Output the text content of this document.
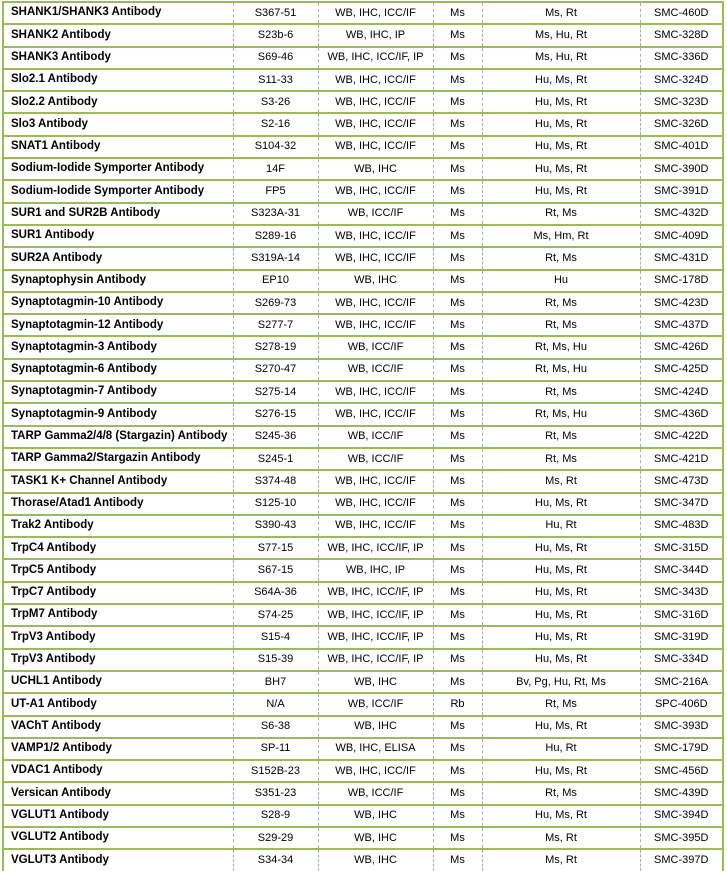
SHANK1/SHANK3 Antibody	S367-51	WB, IHC, ICC/IF	Ms	Ms, Rt	SMC-460D
SHANK2 Antibody	S23b-6	WB, IHC, IP	Ms	Ms, Hu, Rt	SMC-328D
SHANK3 Antibody	S69-46	WB, IHC, ICC/IF, IP	Ms	Ms, Hu, Rt	SMC-336D
Slo2.1 Antibody	S11-33	WB, IHC, ICC/IF	Ms	Hu, Ms, Rt	SMC-324D
Slo2.2 Antibody	S3-26	WB, IHC, ICC/IF	Ms	Hu, Ms, Rt	SMC-323D
Slo3 Antibody	S2-16	WB, IHC, ICC/IF	Ms	Hu, Ms, Rt	SMC-326D
SNAT1 Antibody	S104-32	WB, IHC, ICC/IF	Ms	Hu, Ms, Rt	SMC-401D
Sodium-Iodide Symporter Antibody	14F	WB, IHC	Ms	Hu, Ms, Rt	SMC-390D
Sodium-Iodide Symporter Antibody	FP5	WB, IHC, ICC/IF	Ms	Hu, Ms, Rt	SMC-391D
SUR1 and SUR2B Antibody	S323A-31	WB, ICC/IF	Ms	Rt, Ms	SMC-432D
SUR1 Antibody	S289-16	WB, IHC, ICC/IF	Ms	Ms, Hm, Rt	SMC-409D
SUR2A Antibody	S319A-14	WB, IHC, ICC/IF	Ms	Rt, Ms	SMC-431D
Synaptophysin Antibody	EP10	WB, IHC	Ms	Hu	SMC-178D
Synaptotagmin-10 Antibody	S269-73	WB, IHC, ICC/IF	Ms	Rt, Ms	SMC-423D
Synaptotagmin-12 Antibody	S277-7	WB, IHC, ICC/IF	Ms	Rt, Ms	SMC-437D
Synaptotagmin-3 Antibody	S278-19	WB, ICC/IF	Ms	Rt, Ms, Hu	SMC-426D
Synaptotagmin-6 Antibody	S270-47	WB, ICC/IF	Ms	Rt, Ms, Hu	SMC-425D
Synaptotagmin-7 Antibody	S275-14	WB, IHC, ICC/IF	Ms	Rt, Ms	SMC-424D
Synaptotagmin-9 Antibody	S276-15	WB, IHC, ICC/IF	Ms	Rt, Ms, Hu	SMC-436D
TARP Gamma2/4/8 (Stargazin) Antibody	S245-36	WB, ICC/IF	Ms	Rt, Ms	SMC-422D
TARP Gamma2/Stargazin Antibody	S245-1	WB, ICC/IF	Ms	Rt, Ms	SMC-421D
TASK1 K+ Channel Antibody	S374-48	WB, IHC, ICC/IF	Ms	Ms, Rt	SMC-473D
Thorase/Atad1 Antibody	S125-10	WB, IHC, ICC/IF	Ms	Hu, Ms, Rt	SMC-347D
Trak2 Antibody	S390-43	WB, IHC, ICC/IF	Ms	Hu, Rt	SMC-483D
TrpC4 Antibody	S77-15	WB, IHC, ICC/IF, IP	Ms	Hu, Ms, Rt	SMC-315D
TrpC5 Antibody	S67-15	WB, IHC, IP	Ms	Hu, Ms, Rt	SMC-344D
TrpC7 Antibody	S64A-36	WB, IHC, ICC/IF, IP	Ms	Hu, Ms, Rt	SMC-343D
TrpM7 Antibody	S74-25	WB, IHC, ICC/IF, IP	Ms	Hu, Ms, Rt	SMC-316D
TrpV3 Antibody	S15-4	WB, IHC, ICC/IF, IP	Ms	Hu, Ms, Rt	SMC-319D
TrpV3 Antibody	S15-39	WB, IHC, ICC/IF, IP	Ms	Hu, Ms, Rt	SMC-334D
UCHL1 Antibody	BH7	WB, IHC	Ms	Bv, Pg, Hu, Rt, Ms	SMC-216A
UT-A1 Antibody	N/A	WB, ICC/IF	Rb	Rt, Ms	SPC-406D
VAChT Antibody	S6-38	WB, IHC	Ms	Hu, Ms, Rt	SMC-393D
VAMP1/2 Antibody	SP-11	WB, IHC, ELISA	Ms	Hu, Rt	SMC-179D
VDAC1 Antibody	S152B-23	WB, IHC, ICC/IF	Ms	Hu, Ms, Rt	SMC-456D
Versican Antibody	S351-23	WB, ICC/IF	Ms	Rt, Ms	SMC-439D
VGLUT1 Antibody	S28-9	WB, IHC	Ms	Hu, Ms, Rt	SMC-394D
VGLUT2 Antibody	S29-29	WB, IHC	Ms	Ms, Rt	SMC-395D
VGLUT3 Antibody	S34-34	WB, IHC	Ms	Ms, Rt	SMC-397D
